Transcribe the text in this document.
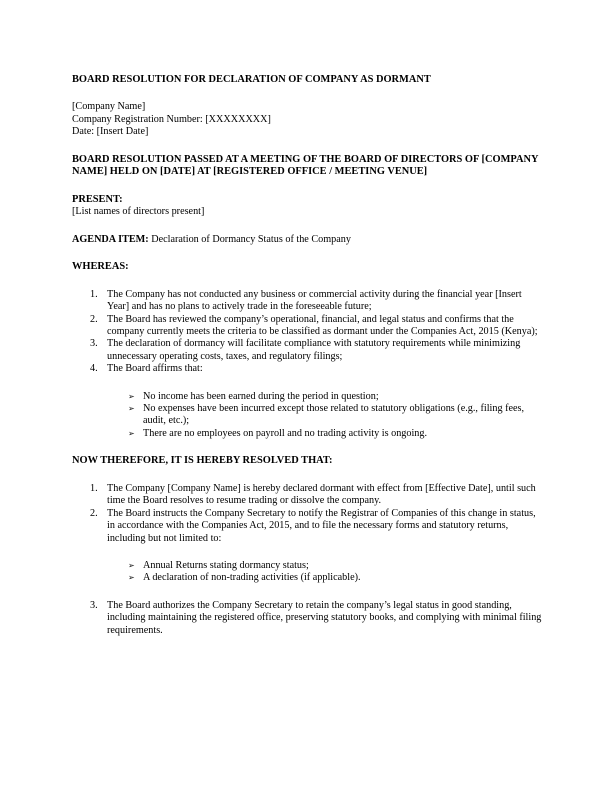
BOARD RESOLUTION FOR DECLARATION OF COMPANY AS DORMANT

[Company Name]

Company Registration Number: [XXXXXXXX]

Date: [Insert Date]

BOARD RESOLUTION PASSED AT A MEETING OF THE BOARD OF DIRECTORS OF [COMPANY NAME] HELD ON [DATE] AT [REGISTERED OFFICE / MEETING VENUE]

PRESENT:

[List names of directors present]

AGENDA ITEM: Declaration of Dormancy Status of the Company

WHEREAS:

1. The Company has not conducted any business or commercial activity during the financial year [Insert Year] and has no plans to actively trade in the foreseeable future;
2. The Board has reviewed the company’s operational, financial, and legal status and confirms that the company currently meets the criteria to be classified as dormant under the Companies Act, 2015 (Kenya);
3. The declaration of dormancy will facilitate compliance with statutory requirements while minimizing unnecessary operating costs, taxes, and regulatory filings;
4. The Board affirms that:
➢ No income has been earned during the period in question;
➢ No expenses have been incurred except those related to statutory obligations (e.g., filing fees, audit, etc.);
➢ There are no employees on payroll and no trading activity is ongoing.

NOW THEREFORE, IT IS HEREBY RESOLVED THAT:

1. The Company [Company Name] is hereby declared dormant with effect from [Effective Date], until such time the Board resolves to resume trading or dissolve the company.
2. The Board instructs the Company Secretary to notify the Registrar of Companies of this change in status, in accordance with the Companies Act, 2015, and to file the necessary forms and statutory returns, including but not limited to:
➢ Annual Returns stating dormancy status;
➢ A declaration of non-trading activities (if applicable).
3. The Board authorizes the Company Secretary to retain the company’s legal status in good standing, including maintaining the registered office, preserving statutory books, and complying with minimal filing requirements.
